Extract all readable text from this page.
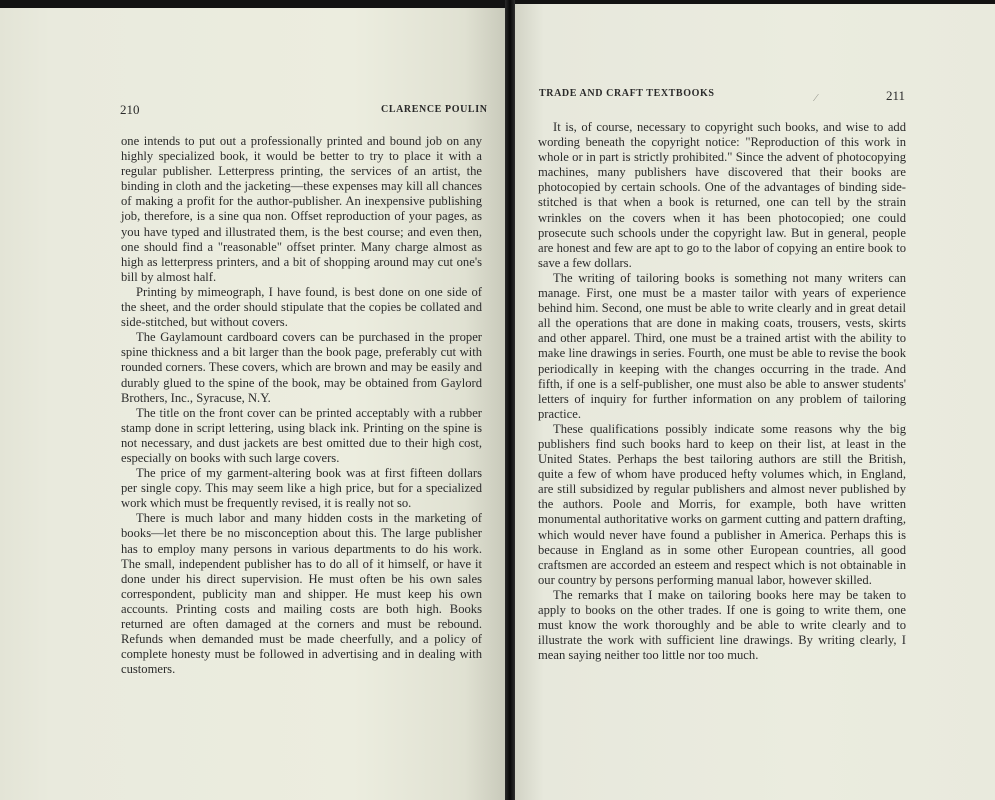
210	CLARENCE POULIN

one intends to put out a professionally printed and bound job on any highly specialized book, it would be better to try to place it with a regular publisher. Letterpress printing, the services of an artist, the binding in cloth and the jacketing—these expenses may kill all chances of making a profit for the author-publisher. An inexpensive publishing job, therefore, is a sine qua non. Offset reproduction of your pages, as you have typed and illustrated them, is the best course; and even then, one should find a "reasonable" offset printer. Many charge almost as high as letterpress printers, and a bit of shopping around may cut one's bill by almost half.

Printing by mimeograph, I have found, is best done on one side of the sheet, and the order should stipulate that the copies be collated and side-stitched, but without covers.

The Gaylamount cardboard covers can be purchased in the proper spine thickness and a bit larger than the book page, preferably cut with rounded corners. These covers, which are brown and may be easily and durably glued to the spine of the book, may be obtained from Gaylord Brothers, Inc., Syracuse, N.Y.

The title on the front cover can be printed acceptably with a rubber stamp done in script lettering, using black ink. Printing on the spine is not necessary, and dust jackets are best omitted due to their high cost, especially on books with such large covers.

The price of my garment-altering book was at first fifteen dollars per single copy. This may seem like a high price, but for a specialized work which must be frequently revised, it is really not so.

There is much labor and many hidden costs in the marketing of books—let there be no misconception about this. The large publisher has to employ many persons in various departments to do his work. The small, independent publisher has to do all of it himself, or have it done under his direct supervision. He must often be his own sales correspondent, publicity man and shipper. He must keep his own accounts. Printing costs and mailing costs are both high. Books returned are often damaged at the corners and must be rebound. Refunds when demanded must be made cheerfully, and a policy of complete honesty must be followed in advertising and in dealing with customers.

TRADE AND CRAFT TEXTBOOKS	211
⁄

It is, of course, necessary to copyright such books, and wise to add wording beneath the copyright notice: "Reproduction of this work in whole or in part is strictly prohibited." Since the advent of photocopying machines, many publishers have discovered that their books are photocopied by certain schools. One of the advantages of binding side-stitched is that when a book is returned, one can tell by the strain wrinkles on the covers when it has been photocopied; one could prosecute such schools under the copyright law. But in general, people are honest and few are apt to go to the labor of copying an entire book to save a few dollars.

The writing of tailoring books is something not many writers can manage. First, one must be a master tailor with years of experience behind him. Second, one must be able to write clearly and in great detail all the operations that are done in making coats, trousers, vests, skirts and other apparel. Third, one must be a trained artist with the ability to make line drawings in series. Fourth, one must be able to revise the book periodically in keeping with the changes occurring in the trade. And fifth, if one is a self-publisher, one must also be able to answer students' letters of inquiry for further information on any problem of tailoring practice.

These qualifications possibly indicate some reasons why the big publishers find such books hard to keep on their list, at least in the United States. Perhaps the best tailoring authors are still the British, quite a few of whom have produced hefty volumes which, in England, are still subsidized by regular publishers and almost never published by the authors. Poole and Morris, for example, both have written monumental authoritative works on garment cutting and pattern drafting, which would never have found a publisher in America. Perhaps this is because in England as in some other European countries, all good craftsmen are accorded an esteem and respect which is not obtainable in our country by persons performing manual labor, however skilled.

The remarks that I make on tailoring books here may be taken to apply to books on the other trades. If one is going to write them, one must know the work thoroughly and be able to write clearly and to illustrate the work with sufficient line drawings. By writing clearly, I mean saying neither too little nor too much.
